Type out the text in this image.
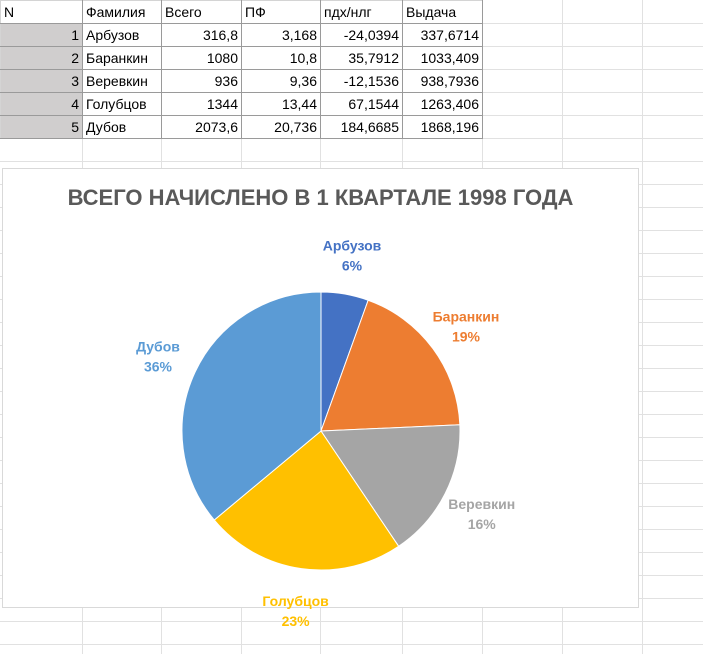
N	Фамилия	Всего	ПФ	пдх/нлг	Выдача
1	Арбузов	316,8	3,168	-24,0394	337,6714
2	Баранкин	1080	10,8	35,7912	1033,409
3	Веревкин	936	9,36	-12,1536	938,7936
4	Голубцов	1344	13,44	67,1544	1263,406
5	Дубов	2073,6	20,736	184,6685	1868,196
ВСЕГО НАЧИСЛЕНО В 1 КВАРТАЛЕ 1998 ГОДА
Арбузов 6%
Баранкин 19%
Веревкин 16%
Голубцов 23%
Дубов 36%
